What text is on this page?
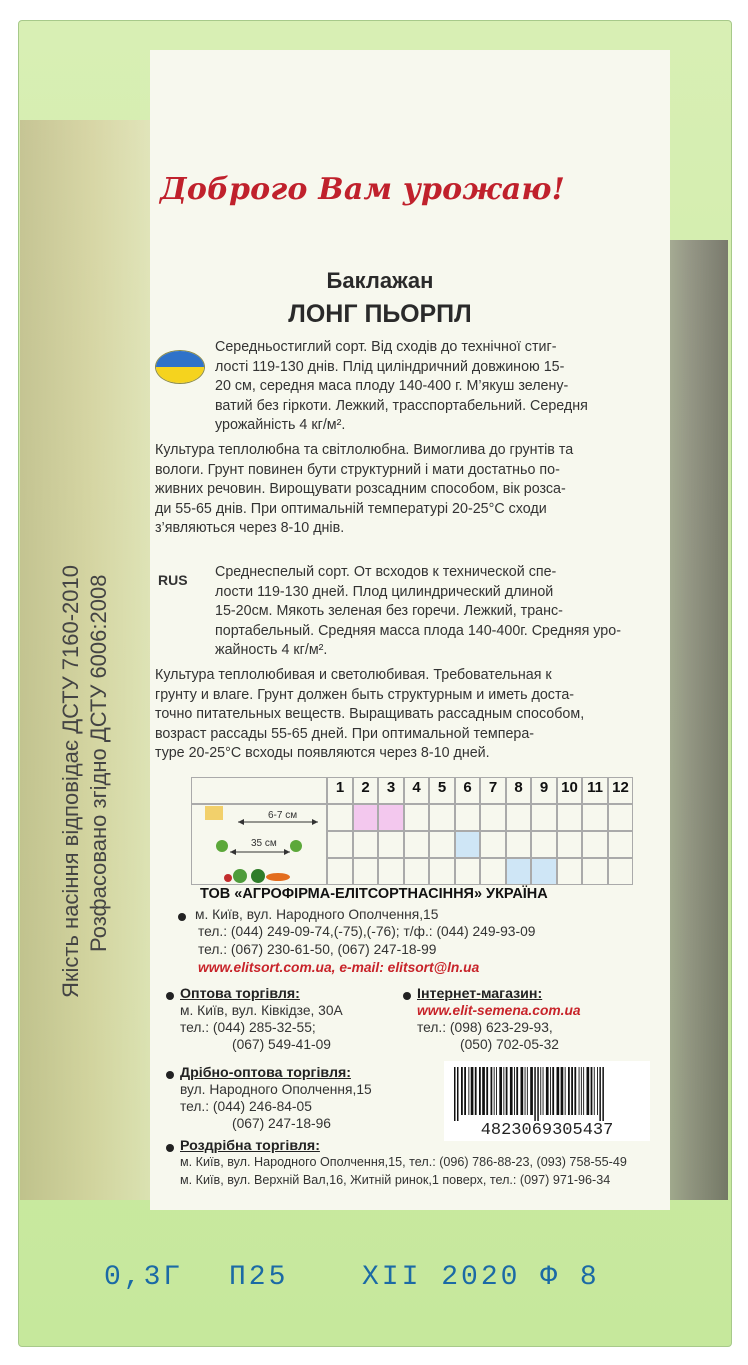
Доброго Вам урожаю!
Баклажан
ЛОНГ ПЬОРПЛ
Середньостиглий сорт. Від сходів до технічної стиг-
лості 119-130 днів. Плід циліндричний довжиною 15-
20 см, середня маса плоду 140-400 г. М’якуш зелену-
ватий без гіркоти. Лежкий, трасспортабельний. Середня
урожайність 4 кг/м².
Культура теплолюбна та світлолюбна. Вимоглива до грунтів та
вологи. Грунт повинен бути структурний і мати достатньо по-
живних речовин. Вирощувати розсадним способом, вік розса-
ди 55-65 днів. При оптимальній температурі 20-25°С сходи
з’являються через 8-10 днів.
RUS Среднеспелый сорт. От всходов к технической спе-
лости 119-130 дней. Плод цилиндрический длиной
15-20см. Мякоть зеленая без горечи. Лежкий, транс-
портабельный. Средняя масса плода 140-400г. Средняя уро-
жайность 4 кг/м².
Культура теплолюбивая и светолюбивая. Требовательная к
грунту и влаге. Грунт должен быть структурным и иметь доста-
точно питательных веществ. Выращивать рассадным способом,
возраст рассады 55-65 дней. При оптимальной темпера-
туре 20-25°С всходы появляются через 8-10 дней.
1	2	3	4	5	6	7	8	9 10 11 12
6-7 см
35 см
ТОВ «АГРОФІРМА-ЕЛІТСОРТНАСІННЯ» УКРАЇНА
м. Київ, вул. Народного Ополчення,15
тел.: (044) 249-09-74,(-75),(-76); т/ф.: (044) 249-93-09
тел.: (067) 230-61-50, (067) 247-18-99
www.elitsort.com.ua, e-mail: elitsort@ln.ua
Оптова торгівля:
м. Київ, вул. Ківкідзе, 30А
тел.: (044) 285-32-55;
(067) 549-41-09
Інтернет-магазин:
www.elit-semena.com.ua
тел.: (098) 623-29-93,
(050) 702-05-32
Дрібно-оптова торгівля:
вул. Народного Ополчення,15
тел.: (044) 246-84-05
(067) 247-18-96	4823069305437
Роздрібна торгівля:
м. Київ, вул. Народного Ополчення,15, тел.: (096) 786-88-23, (093) 758-55-49
м. Київ, вул. Верхній Вал,16, Житній ринок,1 поверх, тел.: (097) 971-96-34
Якість насіння відповідає ДСТУ 7160-2010 Розфасовано згідно ДСТУ 6006:2008
0,3Г П25	XII 2020 Ф 8
